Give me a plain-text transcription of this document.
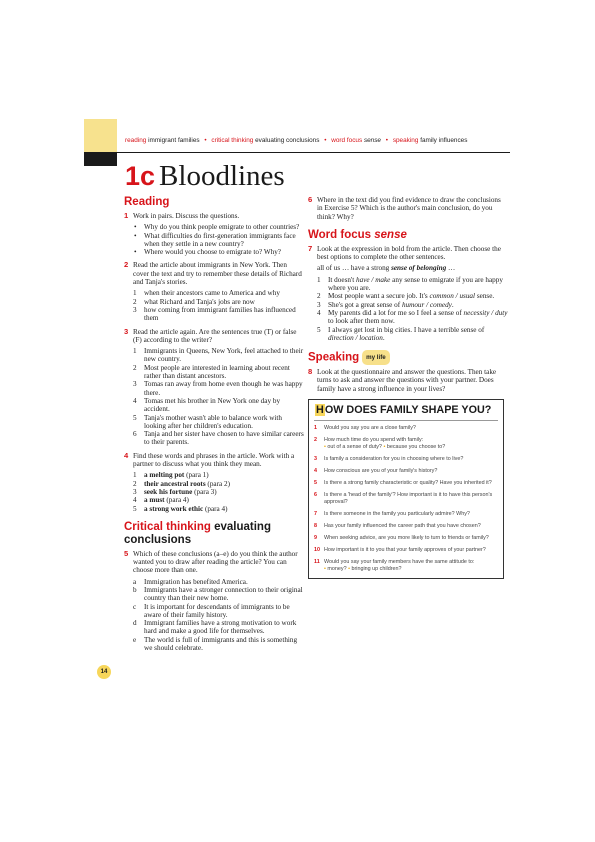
reading immigrant families • critical thinking evaluating conclusions • word focus sense • speaking family influences
1c Bloodlines
Reading
1 Work in pairs. Discuss the questions.
• Why do you think people emigrate to other countries?
• What difficulties do first-generation immigrants face when they settle in a new country?
• Where would you choose to emigrate to? Why?
2 Read the article about immigrants in New York. Then cover the text and try to remember these details of Richard and Tanja's stories.
1 when their ancestors came to America and why
2 what Richard and Tanja's jobs are now
3 how coming from immigrant families has influenced them
3 Read the article again. Are the sentences true (T) or false (F) according to the writer?
1 Immigrants in Queens, New York, feel attached to their new country.
2 Most people are interested in learning about recent rather than distant ancestors.
3 Tomas ran away from home even though he was happy there.
4 Tomas met his brother in New York one day by accident.
5 Tanja's mother wasn't able to balance work with looking after her children's education.
6 Tanja and her sister have chosen to have similar careers to their parents.
4 Find these words and phrases in the article. Work with a partner to discuss what you think they mean.
1 a melting pot (para 1)
2 their ancestral roots (para 2)
3 seek his fortune (para 3)
4 a must (para 4)
5 a strong work ethic (para 4)
Critical thinking evaluating conclusions
5 Which of these conclusions (a–e) do you think the author wanted you to draw after reading the article? You can choose more than one.
a Immigration has benefited America.
b Immigrants have a stronger connection to their original country than their new home.
c It is important for descendants of immigrants to be aware of their family history.
d Immigrant families have a strong motivation to work hard and make a good life for themselves.
e The world is full of immigrants and this is something we should celebrate.
6 Where in the text did you find evidence to draw the conclusions in Exercise 5? Which is the author's main conclusion, do you think? Why?
Word focus sense
7 Look at the expression in bold from the article. Then choose the best options to complete the other sentences.
all of us … have a strong sense of belonging …
1 It doesn't have / make any sense to emigrate if you are happy where you are.
2 Most people want a secure job. It's common / usual sense.
3 She's got a great sense of humour / comedy.
4 My parents did a lot for me so I feel a sense of necessity / duty to look after them now.
5 I always get lost in big cities. I have a terrible sense of direction / location.
Speaking my life
8 Look at the questionnaire and answer the questions. Then take turns to ask and answer the questions with your partner. Does family have a strong influence in your lives?
HOW DOES FAMILY SHAPE YOU?
1 Would you say you are a close family?
2 How much time do you spend with family:
• out of a sense of duty? • because you choose to?
3 Is family a consideration for you in choosing where to live?
4 How conscious are you of your family's history?
5 Is there a strong family characteristic or quality? Have you inherited it?
6 Is there a 'head of the family'? How important is it to have this person's approval?
7 Is there someone in the family you particularly admire? Why?
8 Has your family influenced the career path that you have chosen?
9 When seeking advice, are you more likely to turn to friends or family?
10 How important is it to you that your family approves of your partner?
11 Would you say your family members have the same attitude to:
• money? • bringing up children?
14
